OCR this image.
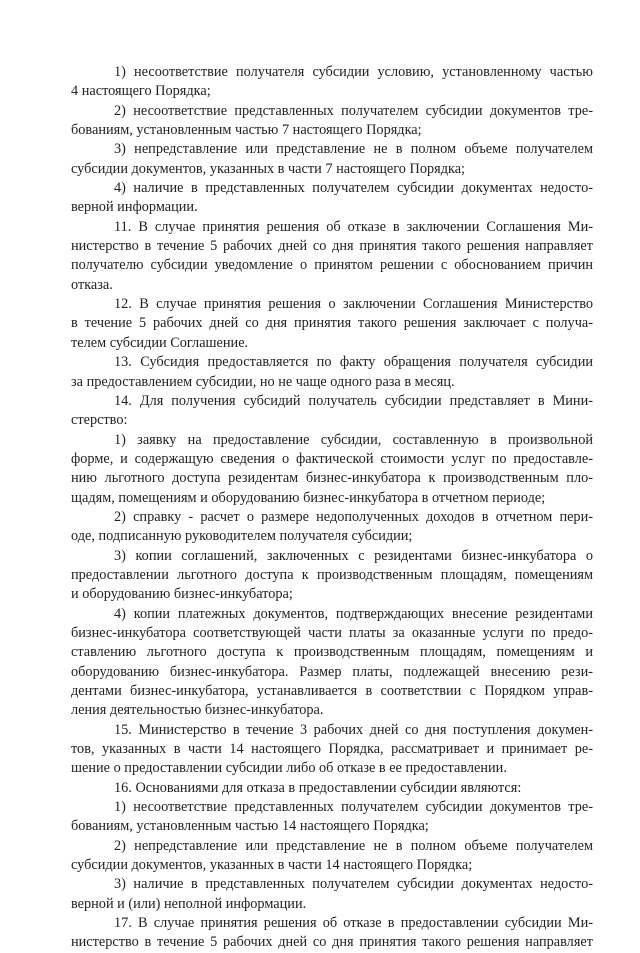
1) несоответствие получателя субсидии условию, установленному частью
4 настоящего Порядка;
2) несоответствие представленных получателем субсидии документов тре-
бованиям, установленным частью 7 настоящего Порядка;
3) непредставление или представление не в полном объеме получателем
субсидии документов, указанных в части 7 настоящего Порядка;
4) наличие в представленных получателем субсидии документах недосто-
верной информации.
11. В случае принятия решения об отказе в заключении Соглашения Ми-
нистерство в течение 5 рабочих дней со дня принятия такого решения направляет
получателю субсидии уведомление о принятом решении с обоснованием причин
отказа.
12. В случае принятия решения о заключении Соглашения Министерство
в течение 5 рабочих дней со дня принятия такого решения заключает с получа-
телем субсидии Соглашение.
13. Субсидия предоставляется по факту обращения получателя субсидии
за предоставлением субсидии, но не чаще одного раза в месяц.
14. Для получения субсидий получатель субсидии представляет в Мини-
стерство:
1) заявку на предоставление субсидии, составленную в произвольной
форме, и содержащую сведения о фактической стоимости услуг по предоставле-
нию льготного доступа резидентам бизнес-инкубатора к производственным пло-
щадям, помещениям и оборудованию бизнес-инкубатора в отчетном периоде;
2) справку - расчет о размере недополученных доходов в отчетном пери-
оде, подписанную руководителем получателя субсидии;
3) копии соглашений, заключенных с резидентами бизнес-инкубатора о
предоставлении льготного доступа к производственным площадям, помещениям
и оборудованию бизнес-инкубатора;
4) копии платежных документов, подтверждающих внесение резидентами
бизнес-инкубатора соответствующей части платы за оказанные услуги по предо-
ставлению льготного доступа к производственным площадям, помещениям и
оборудованию бизнес-инкубатора. Размер платы, подлежащей внесению рези-
дентами бизнес-инкубатора, устанавливается в соответствии с Порядком управ-
ления деятельностью бизнес-инкубатора.
15. Министерство в течение 3 рабочих дней со дня поступления докумен-
тов, указанных в части 14 настоящего Порядка, рассматривает и принимает ре-
шение о предоставлении субсидии либо об отказе в ее предоставлении.
16. Основаниями для отказа в предоставлении субсидии являются:
1) несоответствие представленных получателем субсидии документов тре-
бованиям, установленным частью 14 настоящего Порядка;
2) непредставление или представление не в полном объеме получателем
субсидии документов, указанных в части 14 настоящего Порядка;
3) наличие в представленных получателем субсидии документах недосто-
верной и (или) неполной информации.
17. В случае принятия решения об отказе в предоставлении субсидии Ми-
нистерство в течение 5 рабочих дней со дня принятия такого решения направляет
